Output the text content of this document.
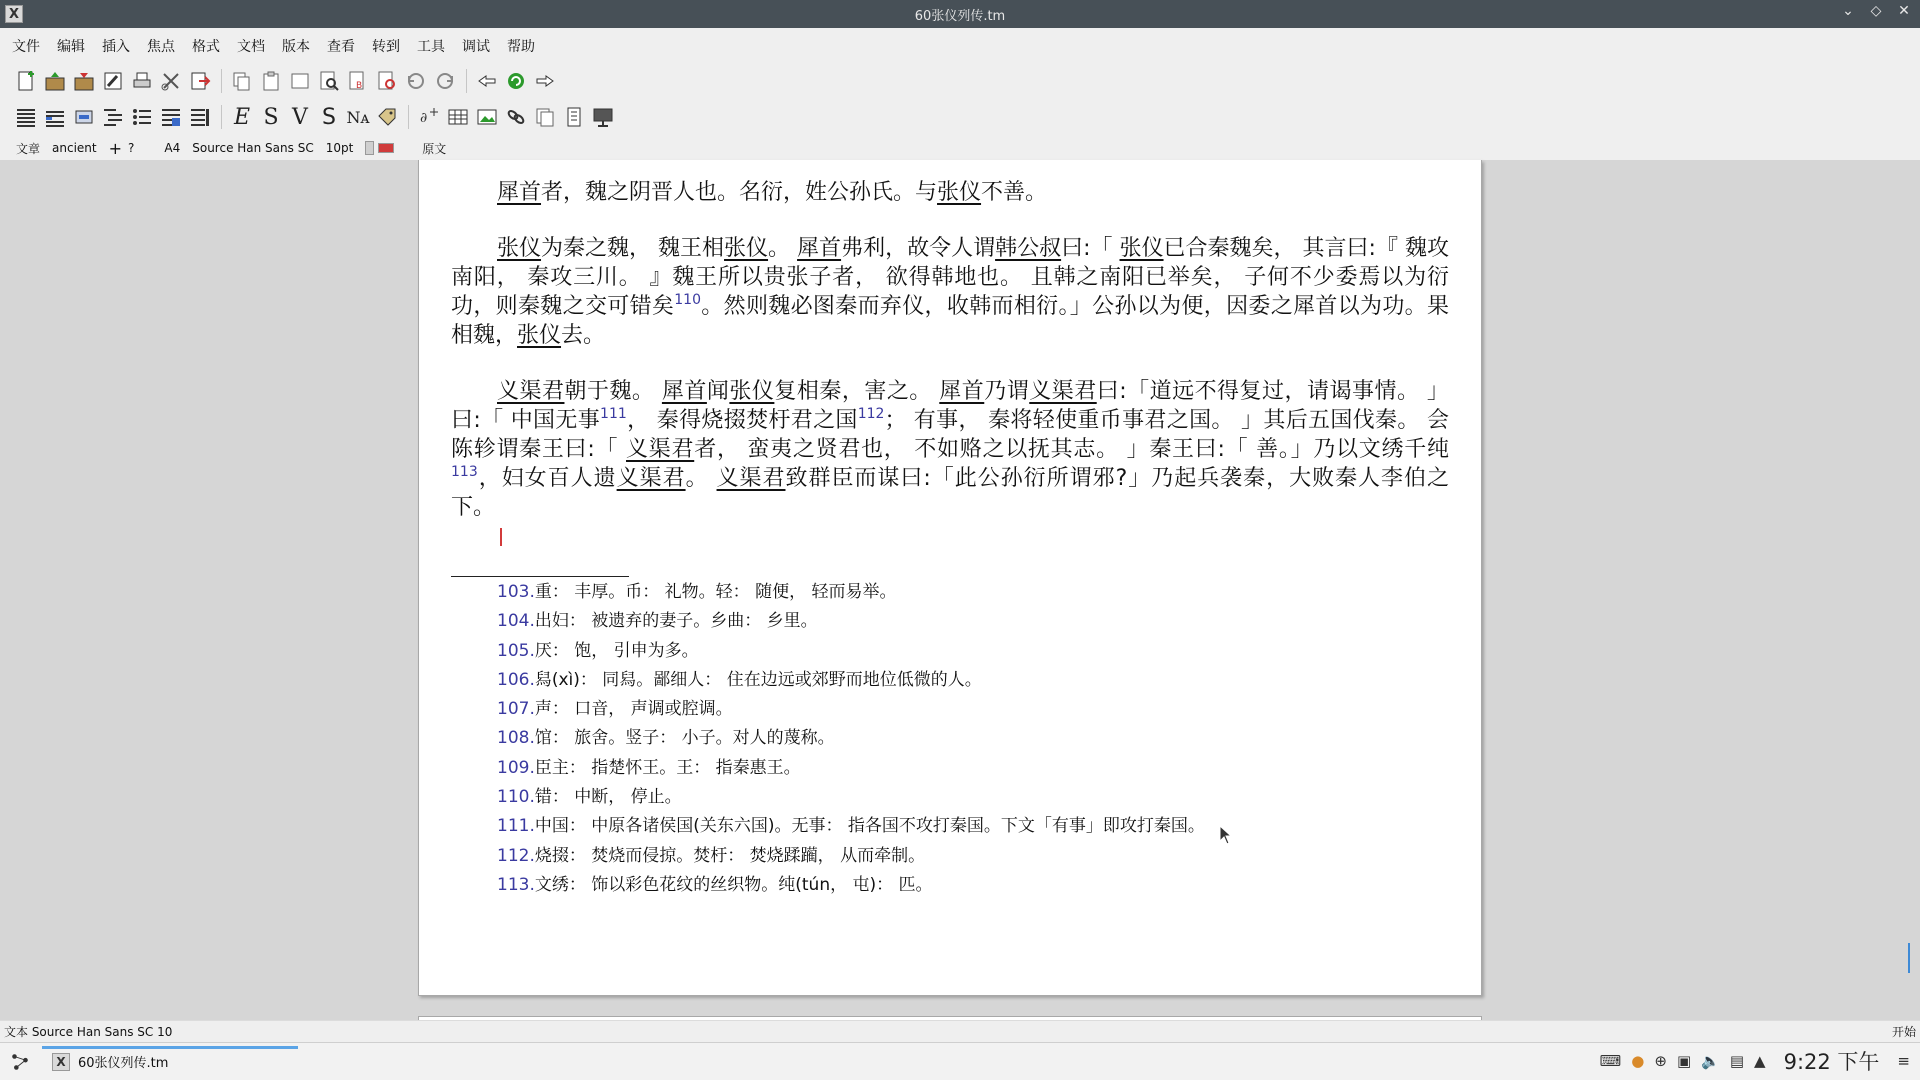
X	60张仪列传.tm	⌄ ◇ ✕
文件	编辑	插入	焦点	格式	文档	版本	查看	转到	工具	调试	帮助
B
E S V S Nᴀ	∂
文章 ancient + ?	A4 Source Han Sans SC 10pt	原文
犀首者，魏之阴晋人也。名衍，姓公孙氏。与张仪不善。
张仪为秦之魏， 魏王相张仪。 犀首弗利，故令人谓韩公叔曰:「 张仪已合秦魏矣， 其言曰:『 魏攻南阳， 秦攻三川。 』魏王所以贵张子者， 欲得韩地也。 且韩之南阳已举矣， 子何不少委焉以为衍功，则秦魏之交可错矣$^{110}$。然则魏必图秦而弃仪，收韩而相衍。」公孙以为便，因委之犀首以为功。果相魏，张仪去。
义渠君朝于魏。 犀首闻张仪复相秦，害之。 犀首乃谓义渠君曰:「道远不得复过，请谒事情。 」曰:「 中国无事$^{111}$， 秦得烧掇焚杅君之国$^{112}$； 有事， 秦将轻使重币事君之国。 」其后五国伐秦。 会陈轸谓秦王曰:「 义渠君者， 蛮夷之贤君也， 不如赂之以抚其志。 」秦王曰:「 善。」乃以文绣千纯$^{113}$，妇女百人遗义渠君。 义渠君致群臣而谋曰:「此公孙衍所谓邪?」乃起兵袭秦，大败秦人李伯之下。
103.重： 丰厚。币： 礼物。轻： 随便， 轻而易举。
104.出妇： 被遗弃的妻子。乡曲： 乡里。
105.厌： 饱， 引申为多。
106.舄(xì)： 同舄。鄙细人： 住在边远或郊野而地位低微的人。
107.声： 口音， 声调或腔调。
108.馆： 旅舍。竖子： 小子。对人的蔑称。
109.臣主： 指楚怀王。王： 指秦惠王。
110.错： 中断， 停止。
111.中国： 中原各诸侯国(关东六国)。无事： 指各国不攻打秦国。下文「有事」即攻打秦国。
112.烧掇： 焚烧而侵掠。焚杅： 焚烧蹂躏， 从而牵制。
113.文绣： 饰以彩色花纹的丝织物。纯(tún， 屯)： 匹。
文本 Source Han Sans SC 10	开始
X 60张仪列传.tm	⌨ ● ⊕ ▣ 🔈 ▤ ▲ 9:22 下午 ≡
